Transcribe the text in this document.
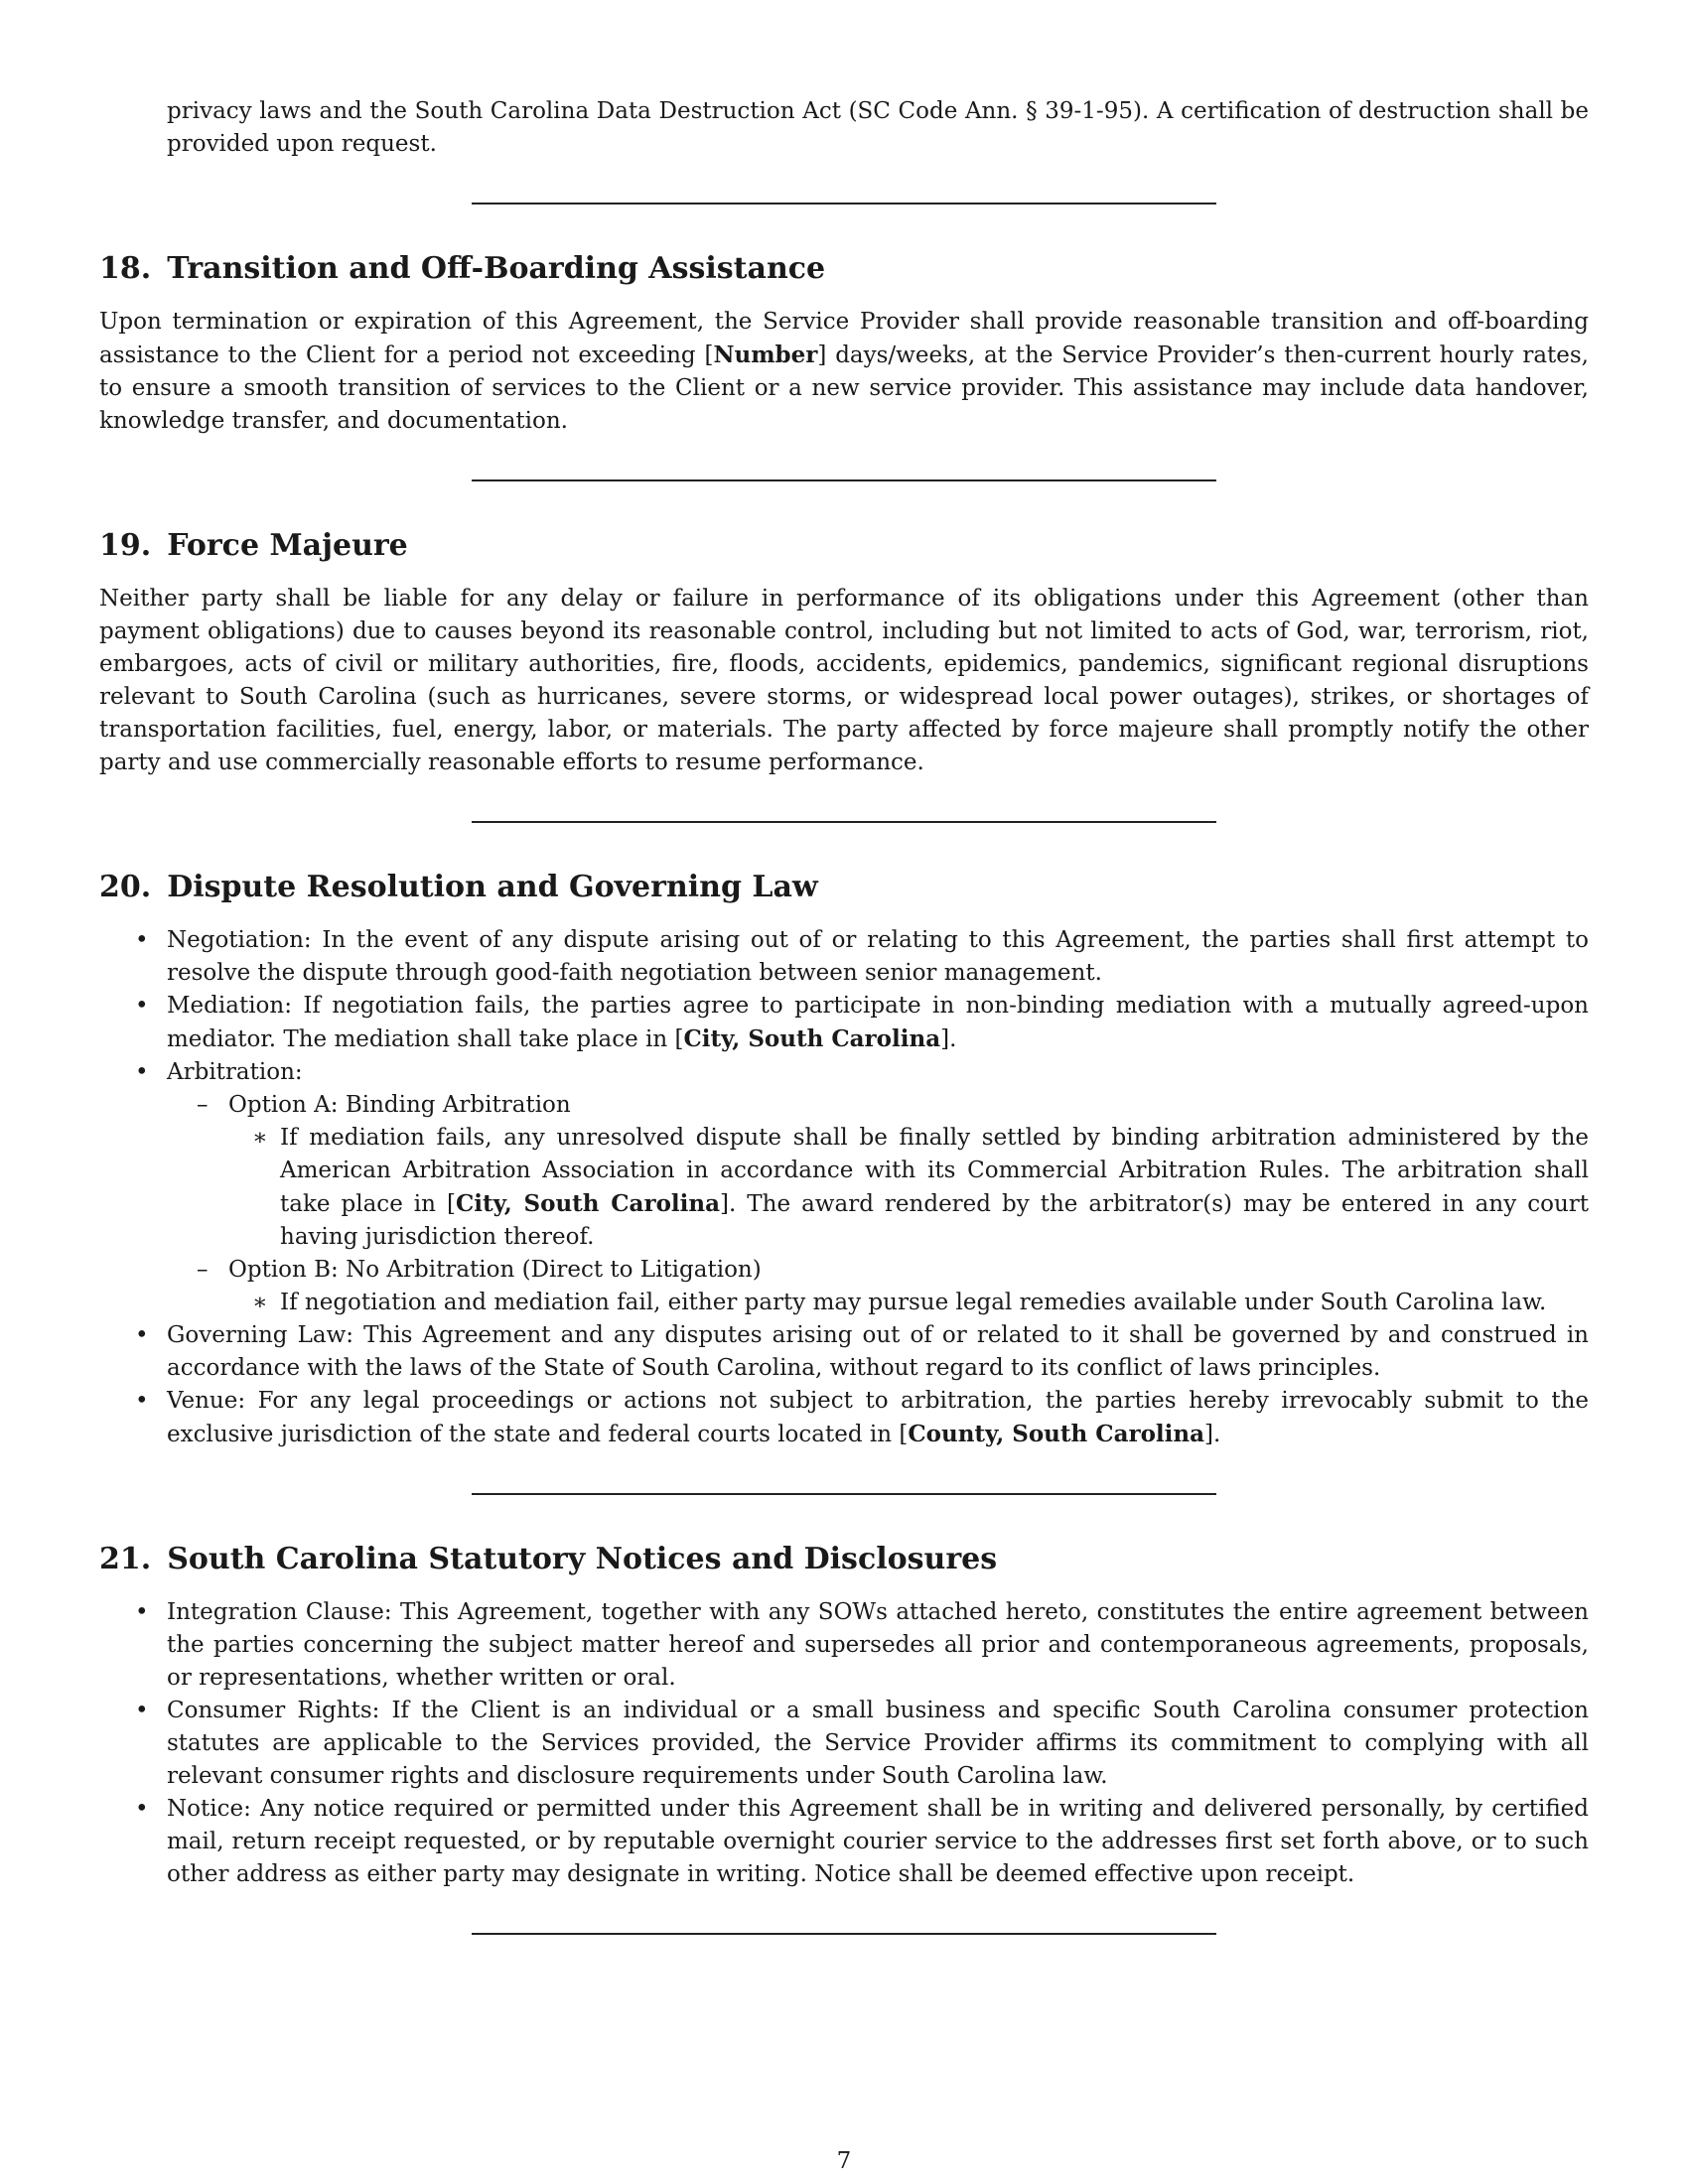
privacy laws and the South Carolina Data Destruction Act (SC Code Ann. § 39-1-95). A certification of destruction shall be provided upon request.

18. Transition and Off-Boarding Assistance

Upon termination or expiration of this Agreement, the Service Provider shall provide reasonable transition and off-boarding assistance to the Client for a period not exceeding [Number] days/weeks, at the Service Provider’s then-current hourly rates, to ensure a smooth transition of services to the Client or a new service provider. This assistance may include data handover, knowledge transfer, and documentation.

19. Force Majeure

Neither party shall be liable for any delay or failure in performance of its obligations under this Agreement (other than payment obligations) due to causes beyond its reasonable control, including but not limited to acts of God, war, terrorism, riot, embargoes, acts of civil or military authorities, fire, floods, accidents, epidemics, pandemics, significant regional disruptions relevant to South Carolina (such as hurricanes, severe storms, or widespread local power outages), strikes, or shortages of transportation facilities, fuel, energy, labor, or materials. The party affected by force majeure shall promptly notify the other party and use commercially reasonable efforts to resume performance.

20. Dispute Resolution and Governing Law
• Negotiation: In the event of any dispute arising out of or relating to this Agreement, the parties shall first attempt to resolve the dispute through good-faith negotiation between senior management.
• Mediation: If negotiation fails, the parties agree to participate in non-binding mediation with a mutually agreed-upon mediator. The mediation shall take place in [City, South Carolina].
• Arbitration:
– Option A: Binding Arbitration
∗ If mediation fails, any unresolved dispute shall be finally settled by binding arbitration administered by the American Arbitration Association in accordance with its Commercial Arbitration Rules. The arbitration shall take place in [City, South Carolina]. The award rendered by the arbitrator(s) may be entered in any court having jurisdiction thereof.
– Option B: No Arbitration (Direct to Litigation)
∗ If negotiation and mediation fail, either party may pursue legal remedies available under South Carolina law.
• Governing Law: This Agreement and any disputes arising out of or related to it shall be governed by and construed in accordance with the laws of the State of South Carolina, without regard to its conflict of laws principles.
• Venue: For any legal proceedings or actions not subject to arbitration, the parties hereby irrevocably submit to the exclusive jurisdiction of the state and federal courts located in [County, South Carolina].
21. South Carolina Statutory Notices and Disclosures
• Integration Clause: This Agreement, together with any SOWs attached hereto, constitutes the entire agreement between the parties concerning the subject matter hereof and supersedes all prior and contemporaneous agreements, proposals, or representations, whether written or oral.
• Consumer Rights: If the Client is an individual or a small business and specific South Carolina consumer protection statutes are applicable to the Services provided, the Service Provider affirms its commitment to complying with all relevant consumer rights and disclosure requirements under South Carolina law.
• Notice: Any notice required or permitted under this Agreement shall be in writing and delivered personally, by certified mail, return receipt requested, or by reputable overnight courier service to the addresses first set forth above, or to such other address as either party may designate in writing. Notice shall be deemed effective upon receipt.
7
